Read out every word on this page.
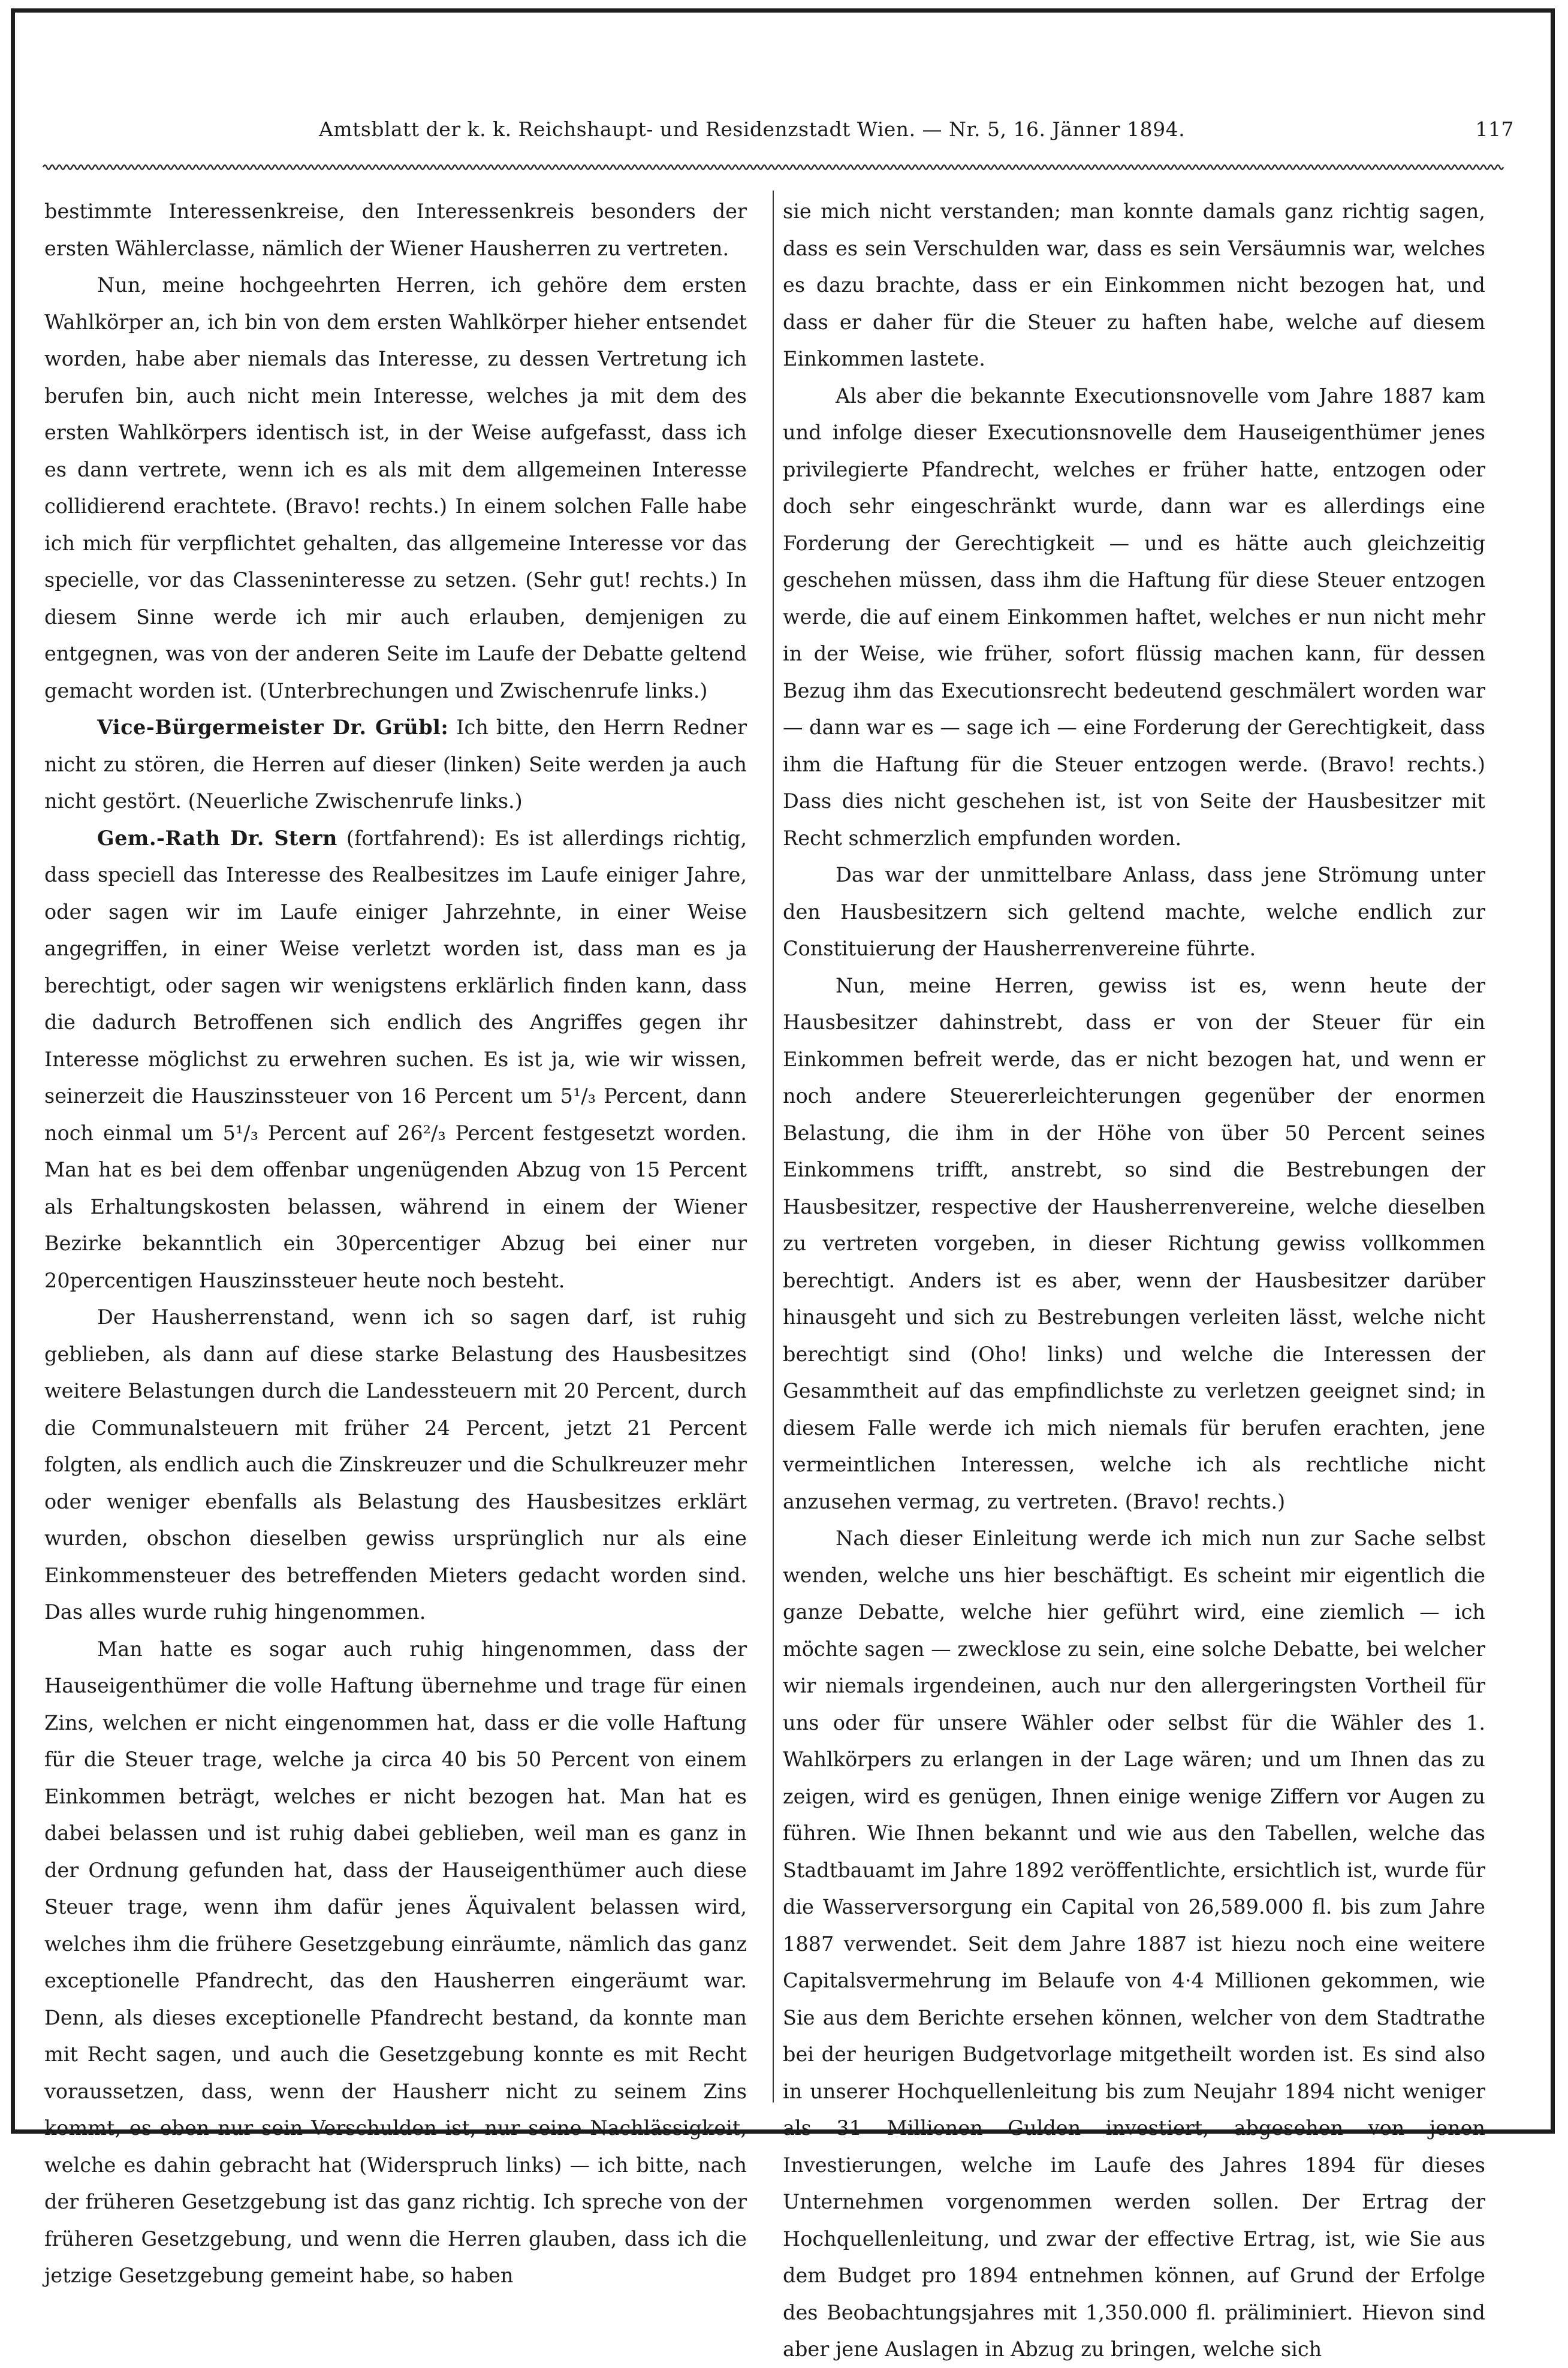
Amtsblatt der k. k. Reichshaupt- und Residenzstadt Wien. — Nr. 5, 16. Jänner 1894.	117

bestimmte Interessenkreise, den Interessenkreis besonders der ersten Wählerclasse, nämlich der Wiener Hausherren zu vertreten.

Nun, meine hochgeehrten Herren, ich gehöre dem ersten Wahlkörper an, ich bin von dem ersten Wahlkörper hieher entsendet worden, habe aber niemals das Interesse, zu dessen Vertretung ich berufen bin, auch nicht mein Interesse, welches ja mit dem des ersten Wahlkörpers identisch ist, in der Weise aufgefasst, dass ich es dann vertrete, wenn ich es als mit dem allgemeinen Interesse collidierend erachtete. (Bravo! rechts.) In einem solchen Falle habe ich mich für verpflichtet gehalten, das allgemeine Interesse vor das specielle, vor das Classeninteresse zu setzen. (Sehr gut! rechts.) In diesem Sinne werde ich mir auch erlauben, demjenigen zu entgegnen, was von der anderen Seite im Laufe der Debatte geltend gemacht worden ist. (Unterbrechungen und Zwischenrufe links.)

Vice-Bürgermeister Dr. Grübl: Ich bitte, den Herrn Redner nicht zu stören, die Herren auf dieser (linken) Seite werden ja auch nicht gestört. (Neuerliche Zwischenrufe links.)

Gem.-Rath Dr. Stern (fortfahrend): Es ist allerdings richtig, dass speciell das Interesse des Realbesitzes im Laufe einiger Jahre, oder sagen wir im Laufe einiger Jahrzehnte, in einer Weise angegriffen, in einer Weise verletzt worden ist, dass man es ja berechtigt, oder sagen wir wenigstens erklärlich finden kann, dass die dadurch Betroffenen sich endlich des Angriffes gegen ihr Interesse möglichst zu erwehren suchen. Es ist ja, wie wir wissen, seinerzeit die Hauszinssteuer von 16 Percent um 5¹/₃ Percent, dann noch einmal um 5¹/₃ Percent auf 26²/₃ Percent festgesetzt worden. Man hat es bei dem offenbar ungenügenden Abzug von 15 Percent als Erhaltungskosten belassen, während in einem der Wiener Bezirke bekanntlich ein 30percentiger Abzug bei einer nur 20percentigen Hauszinssteuer heute noch besteht.

Der Hausherrenstand, wenn ich so sagen darf, ist ruhig geblieben, als dann auf diese starke Belastung des Hausbesitzes weitere Belastungen durch die Landessteuern mit 20 Percent, durch die Communalsteuern mit früher 24 Percent, jetzt 21 Percent folgten, als endlich auch die Zinskreuzer und die Schulkreuzer mehr oder weniger ebenfalls als Belastung des Hausbesitzes erklärt wurden, obschon dieselben gewiss ursprünglich nur als eine Einkommensteuer des betreffenden Mieters gedacht worden sind. Das alles wurde ruhig hingenommen.

Man hatte es sogar auch ruhig hingenommen, dass der Hauseigenthümer die volle Haftung übernehme und trage für einen Zins, welchen er nicht eingenommen hat, dass er die volle Haftung für die Steuer trage, welche ja circa 40 bis 50 Percent von einem Einkommen beträgt, welches er nicht bezogen hat. Man hat es dabei belassen und ist ruhig dabei geblieben, weil man es ganz in der Ordnung gefunden hat, dass der Hauseigenthümer auch diese Steuer trage, wenn ihm dafür jenes Äquivalent belassen wird, welches ihm die frühere Gesetzgebung einräumte, nämlich das ganz exceptionelle Pfandrecht, das den Hausherren eingeräumt war. Denn, als dieses exceptionelle Pfandrecht bestand, da konnte man mit Recht sagen, und auch die Gesetzgebung konnte es mit Recht voraussetzen, dass, wenn der Hausherr nicht zu seinem Zins kommt, es eben nur sein Verschulden ist, nur seine Nachlässigkeit, welche es dahin gebracht hat (Widerspruch links) — ich bitte, nach der früheren Gesetzgebung ist das ganz richtig. Ich spreche von der früheren Gesetzgebung, und wenn die Herren glauben, dass ich die jetzige Gesetzgebung gemeint habe, so haben

sie mich nicht verstanden; man konnte damals ganz richtig sagen, dass es sein Verschulden war, dass es sein Versäumnis war, welches es dazu brachte, dass er ein Einkommen nicht bezogen hat, und dass er daher für die Steuer zu haften habe, welche auf diesem Einkommen lastete.

Als aber die bekannte Executionsnovelle vom Jahre 1887 kam und infolge dieser Executionsnovelle dem Hauseigenthümer jenes privilegierte Pfandrecht, welches er früher hatte, entzogen oder doch sehr eingeschränkt wurde, dann war es allerdings eine Forderung der Gerechtigkeit — und es hätte auch gleichzeitig geschehen müssen, dass ihm die Haftung für diese Steuer entzogen werde, die auf einem Einkommen haftet, welches er nun nicht mehr in der Weise, wie früher, sofort flüssig machen kann, für dessen Bezug ihm das Executionsrecht bedeutend geschmälert worden war — dann war es — sage ich — eine Forderung der Gerechtigkeit, dass ihm die Haftung für die Steuer entzogen werde. (Bravo! rechts.) Dass dies nicht geschehen ist, ist von Seite der Hausbesitzer mit Recht schmerzlich empfunden worden.

Das war der unmittelbare Anlass, dass jene Strömung unter den Hausbesitzern sich geltend machte, welche endlich zur Constituierung der Hausherrenvereine führte.

Nun, meine Herren, gewiss ist es, wenn heute der Hausbesitzer dahinstrebt, dass er von der Steuer für ein Einkommen befreit werde, das er nicht bezogen hat, und wenn er noch andere Steuererleichterungen gegenüber der enormen Belastung, die ihm in der Höhe von über 50 Percent seines Einkommens trifft, anstrebt, so sind die Bestrebungen der Hausbesitzer, respective der Hausherrenvereine, welche dieselben zu vertreten vorgeben, in dieser Richtung gewiss vollkommen berechtigt. Anders ist es aber, wenn der Hausbesitzer darüber hinausgeht und sich zu Bestrebungen verleiten lässt, welche nicht berechtigt sind (Oho! links) und welche die Interessen der Gesammtheit auf das empfindlichste zu verletzen geeignet sind; in diesem Falle werde ich mich niemals für berufen erachten, jene vermeintlichen Interessen, welche ich als rechtliche nicht anzusehen vermag, zu vertreten. (Bravo! rechts.)

Nach dieser Einleitung werde ich mich nun zur Sache selbst wenden, welche uns hier beschäftigt. Es scheint mir eigentlich die ganze Debatte, welche hier geführt wird, eine ziemlich — ich möchte sagen — zwecklose zu sein, eine solche Debatte, bei welcher wir niemals irgendeinen, auch nur den allergeringsten Vortheil für uns oder für unsere Wähler oder selbst für die Wähler des 1. Wahlkörpers zu erlangen in der Lage wären; und um Ihnen das zu zeigen, wird es genügen, Ihnen einige wenige Ziffern vor Augen zu führen. Wie Ihnen bekannt und wie aus den Tabellen, welche das Stadtbauamt im Jahre 1892 veröffentlichte, ersichtlich ist, wurde für die Wasserversorgung ein Capital von 26,589.000 fl. bis zum Jahre 1887 verwendet. Seit dem Jahre 1887 ist hiezu noch eine weitere Capitalsvermehrung im Belaufe von 4·4 Millionen gekommen, wie Sie aus dem Berichte ersehen können, welcher von dem Stadtrathe bei der heurigen Budgetvorlage mitgetheilt worden ist. Es sind also in unserer Hochquellenleitung bis zum Neujahr 1894 nicht weniger als 31 Millionen Gulden investiert, abgesehen von jenen Investierungen, welche im Laufe des Jahres 1894 für dieses Unternehmen vorgenommen werden sollen. Der Ertrag der Hochquellenleitung, und zwar der effective Ertrag, ist, wie Sie aus dem Budget pro 1894 entnehmen können, auf Grund der Erfolge des Beobachtungsjahres mit 1,350.000 fl. präliminiert. Hievon sind aber jene Auslagen in Abzug zu bringen, welche sich
